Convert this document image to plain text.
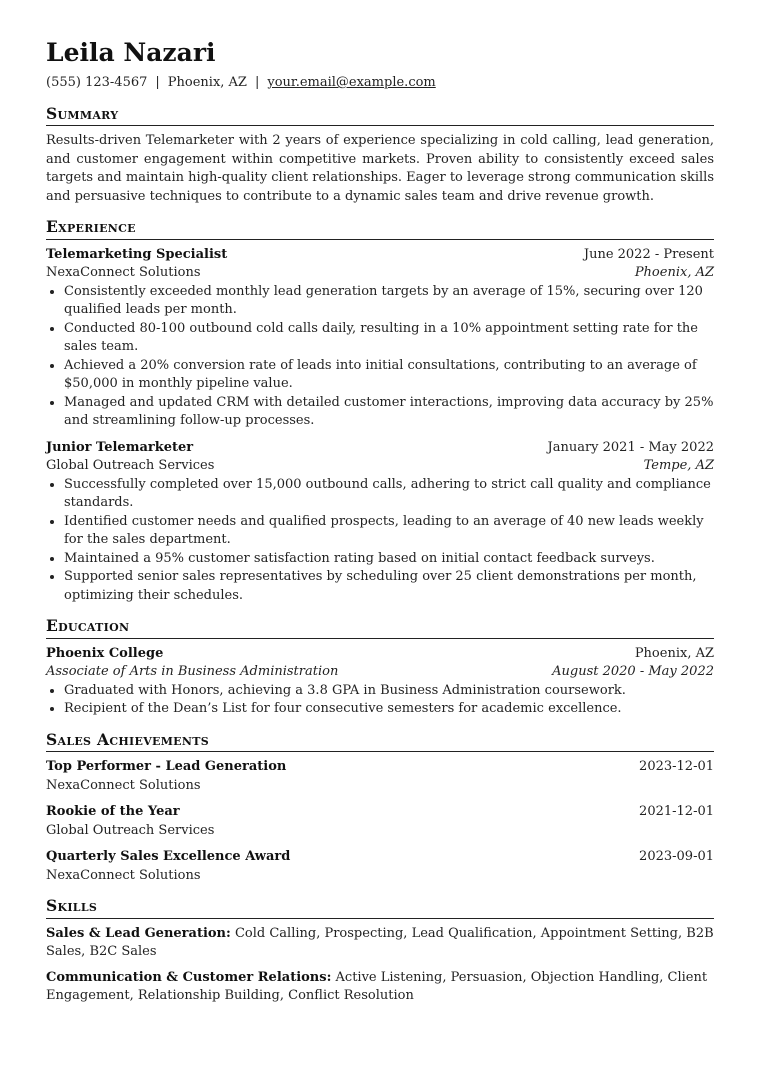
Leila Nazari
(555) 123-4567 | Phoenix, AZ | your.email@example.com
Summary
Results-driven Telemarketer with 2 years of experience specializing in cold calling, lead generation, and customer engagement within competitive markets. Proven ability to consistently exceed sales targets and maintain high-quality client relationships. Eager to leverage strong communication skills and persuasive techniques to contribute to a dynamic sales team and drive revenue growth.
Experience
Telemarketing Specialist	June 2022 - Present
NexaConnect Solutions	Phoenix, AZ
• Consistently exceeded monthly lead generation targets by an average of 15%, securing over 120 qualified leads per month.
• Conducted 80-100 outbound cold calls daily, resulting in a 10% appointment setting rate for the sales team.
• Achieved a 20% conversion rate of leads into initial consultations, contributing to an average of $50,000 in monthly pipeline value.
• Managed and updated CRM with detailed customer interactions, improving data accuracy by 25% and streamlining follow-up processes.
Junior Telemarketer	January 2021 - May 2022
Global Outreach Services	Tempe, AZ
• Successfully completed over 15,000 outbound calls, adhering to strict call quality and compliance standards.
• Identified customer needs and qualified prospects, leading to an average of 40 new leads weekly for the sales department.
• Maintained a 95% customer satisfaction rating based on initial contact feedback surveys.
• Supported senior sales representatives by scheduling over 25 client demonstrations per month, optimizing their schedules.
Education
Phoenix College	Phoenix, AZ
Associate of Arts in Business Administration	August 2020 - May 2022
• Graduated with Honors, achieving a 3.8 GPA in Business Administration coursework.
• Recipient of the Dean’s List for four consecutive semesters for academic excellence.
Sales Achievements
Top Performer - Lead Generation	2023-12-01
NexaConnect Solutions
Rookie of the Year	2021-12-01
Global Outreach Services
Quarterly Sales Excellence Award	2023-09-01
NexaConnect Solutions
Skills
Sales & Lead Generation: Cold Calling, Prospecting, Lead Qualification, Appointment Setting, B2B Sales, B2C Sales
Communication & Customer Relations: Active Listening, Persuasion, Objection Handling, Client Engagement, Relationship Building, Conflict Resolution
